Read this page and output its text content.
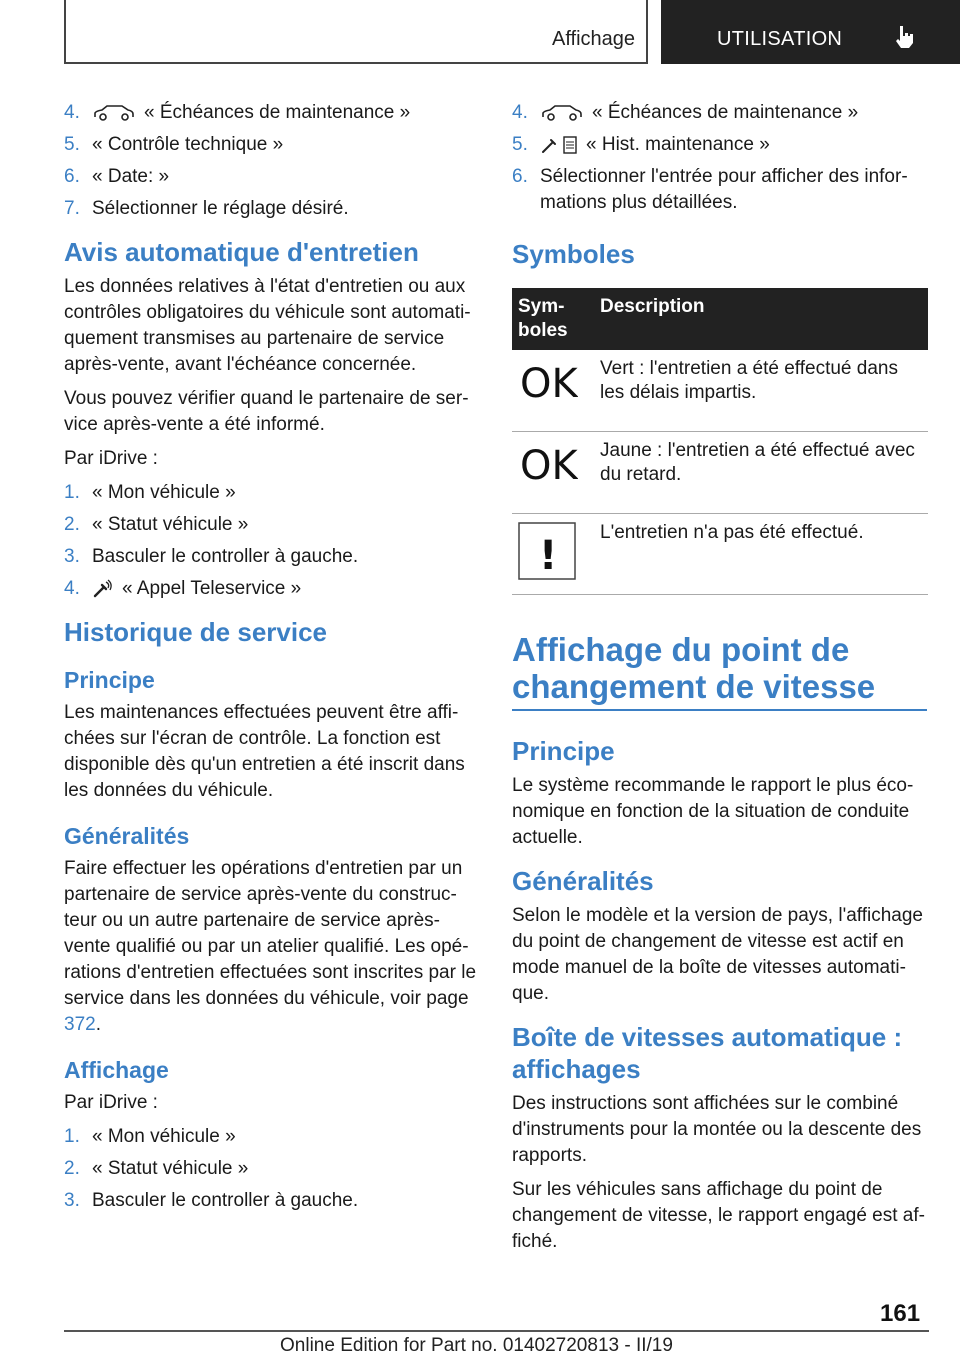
Affichage	UTILISATION
4.	« Échéances de maintenance »
5. « Contrôle technique »
6. « Date: »
7. Sélectionner le réglage désiré.
Avis automatique d'entretien

Les données relatives à l'état d'entretien ou aux contrôles obligatoires du véhicule sont automati-quement transmises au partenaire de service après-vente, avant l'échéance concernée.

Vous pouvez vérifier quand le partenaire de ser-vice après-vente a été informé.

Par iDrive :

1. « Mon véhicule »
2. « Statut véhicule »
3. Basculer le controller à gauche.
4.	« Appel Teleservice »
Historique de service
Principe

Les maintenances effectuées peuvent être affi-chées sur l'écran de contrôle. La fonction est disponible dès qu'un entretien a été inscrit dans les données du véhicule.

Généralités

Faire effectuer les opérations d'entretien par un partenaire de service après-vente du construc-teur ou un autre partenaire de service après-vente qualifié ou par un atelier qualifié. Les opé-rations d'entretien effectuées sont inscrites par le service dans les données du véhicule, voir page 372.

Affichage

Par iDrive :

1. « Mon véhicule »
2. « Statut véhicule »
3. Basculer le controller à gauche.
4.	« Échéances de maintenance »
5.	« Hist. maintenance »
6. Sélectionner l'entrée pour afficher des infor-mations plus détaillées.
Symboles
Sym-boles	Description

OK	Vert : l'entretien a été effectué dans les délais impartis.

OK	Jaune : l'entretien a été effectué avec du retard.

!	L'entretien n'a pas été effectué.
Affichage du point de changement de vitesse
Principe

Le système recommande le rapport le plus éco-nomique en fonction de la situation de conduite actuelle.

Généralités

Selon le modèle et la version de pays, l'affichage du point de changement de vitesse est actif en mode manuel de la boîte de vitesses automati-que.

Boîte de vitesses automatique : affichages

Des instructions sont affichées sur le combiné d'instruments pour la montée ou la descente des rapports.

Sur les véhicules sans affichage du point de changement de vitesse, le rapport engagé est af-fiché.

161
Online Edition for Part no. 01402720813 - II/19
